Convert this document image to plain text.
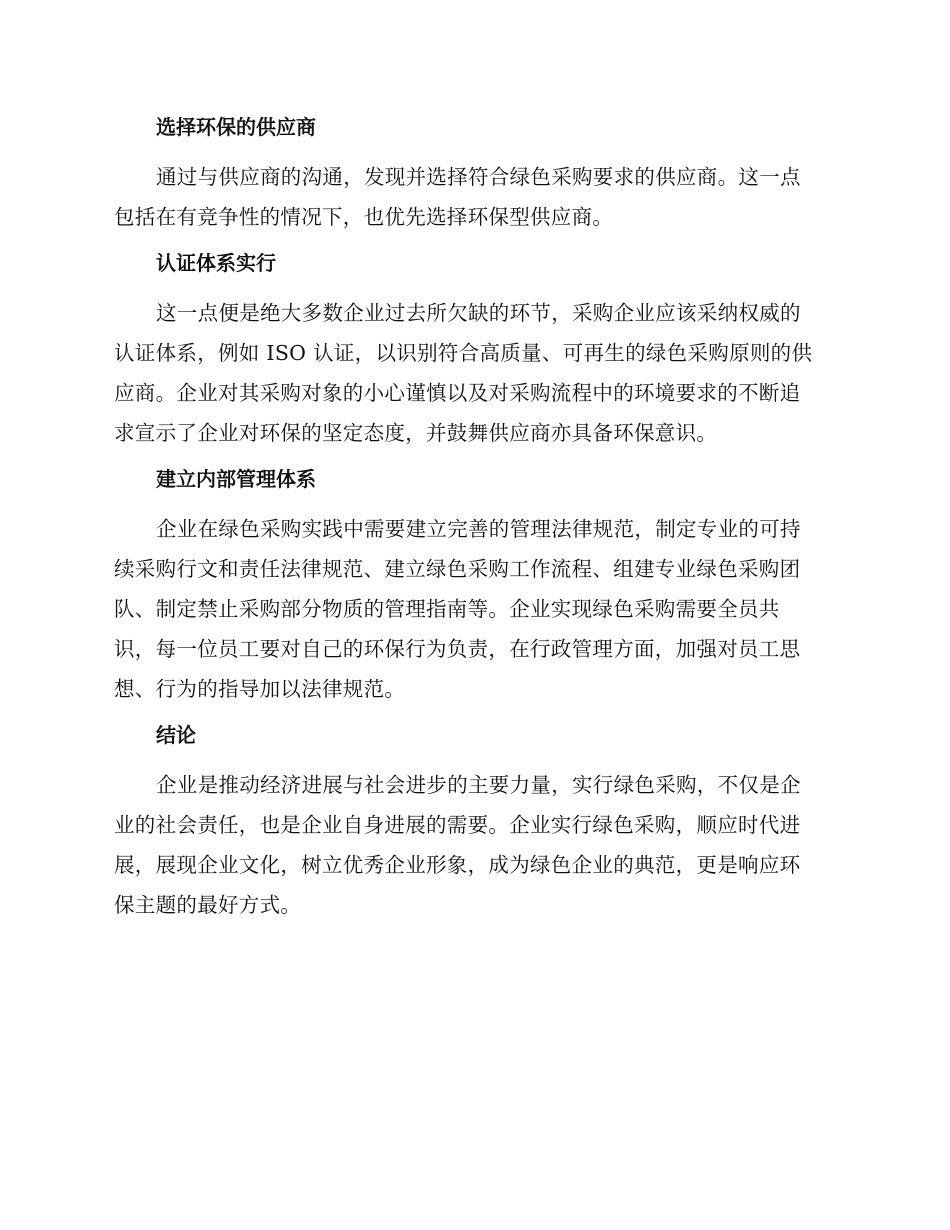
选择环保的供应商

通过与供应商的沟通，发现并选择符合绿色采购要求的供应商。这一点
包括在有竞争性的情况下，也优先选择环保型供应商。

认证体系实行

这一点便是绝大多数企业过去所欠缺的环节，采购企业应该采纳权威的
认证体系，例如 ISO 认证，以识别符合高质量、可再生的绿色采购原则的供
应商。企业对其采购对象的小心谨慎以及对采购流程中的环境要求的不断追
求宣示了企业对环保的坚定态度，并鼓舞供应商亦具备环保意识。

建立内部管理体系

企业在绿色采购实践中需要建立完善的管理法律规范，制定专业的可持
续采购行文和责任法律规范、建立绿色采购工作流程、组建专业绿色采购团
队、制定禁止采购部分物质的管理指南等。企业实现绿色采购需要全员共
识，每一位员工要对自己的环保行为负责，在行政管理方面，加强对员工思
想、行为的指导加以法律规范。

结论

企业是推动经济进展与社会进步的主要力量，实行绿色采购，不仅是企
业的社会责任，也是企业自身进展的需要。企业实行绿色采购，顺应时代进
展，展现企业文化，树立优秀企业形象，成为绿色企业的典范，更是响应环
保主题的最好方式。
